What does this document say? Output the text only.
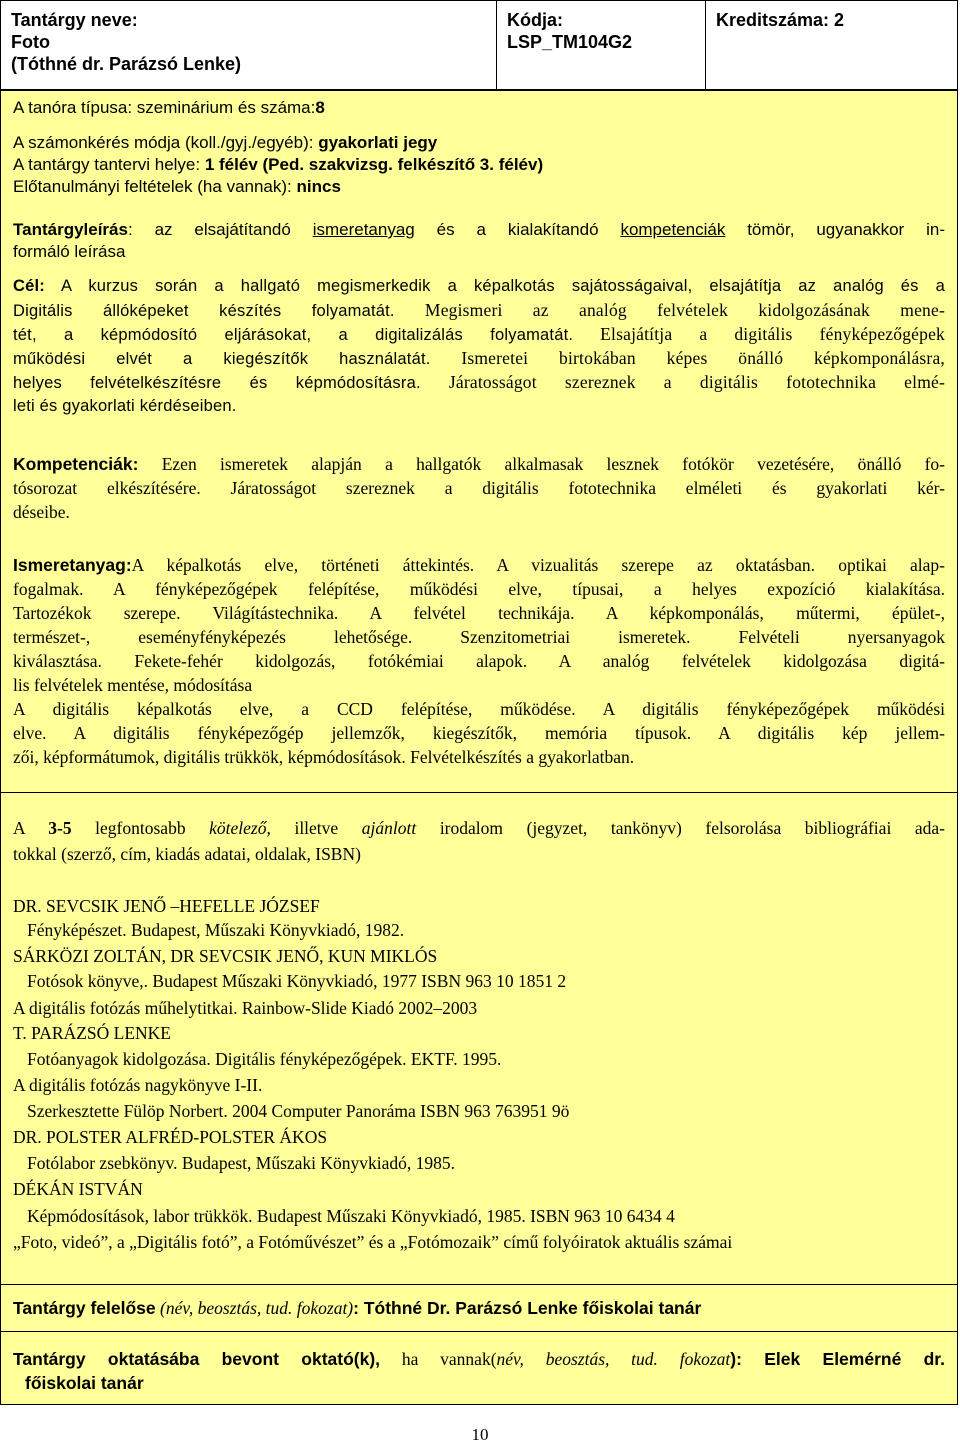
Tantárgy neve:
Foto
(Tóthné dr. Parázsó Lenke)
Kódja:
LSP_TM104G2
Kreditszáma: 2
A tanóra típusa: szeminárium és száma:8
A számonkérés módja (koll./gyj./egyéb): gyakorlati jegy
A tantárgy tantervi helye: 1 félév (Ped. szakvizsg. felkészítő 3. félév)
Előtanulmányi feltételek (ha vannak): nincs
Tantárgyleírás: az elsajátítandó ismeretanyag és a kialakítandó kompetenciák tömör, ugyanakkor in-
formáló leírása
Cél: A kurzus során a hallgató megismerkedik a képalkotás sajátosságaival, elsajátítja az analóg és a
Digitális állóképeket készítés folyamatát. Megismeri az analóg felvételek kidolgozásának mene-
tét, a képmódosító eljárásokat, a digitalizálás folyamatát. Elsajátítja a digitális fényképezőgépek
működési elvét a kiegészítők használatát. Ismeretei birtokában képes önálló képkomponálásra,
helyes felvételkészítésre és képmódosításra. Járatosságot szereznek a digitális fototechnika elmé-
leti és gyakorlati kérdéseiben.
Kompetenciák: Ezen ismeretek alapján a hallgatók alkalmasak lesznek fotókör vezetésére, önálló fo-
tósorozat elkészítésére. Járatosságot szereznek a digitális fototechnika elméleti és gyakorlati kér-
déseibe.
Ismeretanyag:A képalkotás elve, történeti áttekintés. A vizualitás szerepe az oktatásban. optikai alap-
fogalmak. A fényképezőgépek felépítése, működési elve, típusai, a helyes expozíció kialakítása.
Tartozékok szerepe. Világítástechnika. A felvétel technikája. A képkomponálás, műtermi, épület-,
természet-, eseményfényképezés lehetősége. Szenzitometriai ismeretek. Felvételi nyersanyagok
kiválasztása. Fekete-fehér kidolgozás, fotókémiai alapok. A analóg felvételek kidolgozása digitá-
lis felvételek mentése, módosítása
A digitális képalkotás elve, a CCD felépítése, működése. A digitális fényképezőgépek működési
elve. A digitális fényképezőgép jellemzők, kiegészítők, memória típusok. A digitális kép jellem-
zői, képformátumok, digitális trükkök, képmódosítások. Felvételkészítés a gyakorlatban.
A 3-5 legfontosabb kötelező, illetve ajánlott irodalom (jegyzet, tankönyv) felsorolása bibliográfiai ada-
tokkal (szerző, cím, kiadás adatai, oldalak, ISBN)
DR. SEVCSIK JENŐ –HEFELLE JÓZSEF
Fényképészet. Budapest, Műszaki Könyvkiadó, 1982.
SÁRKÖZI ZOLTÁN, DR SEVCSIK JENŐ, KUN MIKLÓS
Fotósok könyve,. Budapest Műszaki Könyvkiadó, 1977 ISBN 963 10 1851 2
A digitális fotózás műhelytitkai. Rainbow-Slide Kiadó 2002–2003
T. PARÁZSÓ LENKE
Fotóanyagok kidolgozása. Digitális fényképezőgépek. EKTF. 1995.
A digitális fotózás nagykönyve I-II.
Szerkesztette Fülöp Norbert. 2004 Computer Panoráma ISBN 963 763951 9ö
DR. POLSTER ALFRÉD-POLSTER ÁKOS
Fotólabor zsebkönyv. Budapest, Műszaki Könyvkiadó, 1985.
DÉKÁN ISTVÁN
Képmódosítások, labor trükkök. Budapest Műszaki Könyvkiadó, 1985. ISBN 963 10 6434 4
„Foto, videó”, a „Digitális fotó”, a Fotóművészet” és a „Fotómozaik” című folyóiratok aktuális számai
Tantárgy felelőse (név, beosztás, tud. fokozat): Tóthné Dr. Parázsó Lenke főiskolai tanár
Tantárgy oktatásába bevont oktató(k), ha vannak(név, beosztás, tud. fokozat): Elek Elemérné dr.
főiskolai tanár
10
